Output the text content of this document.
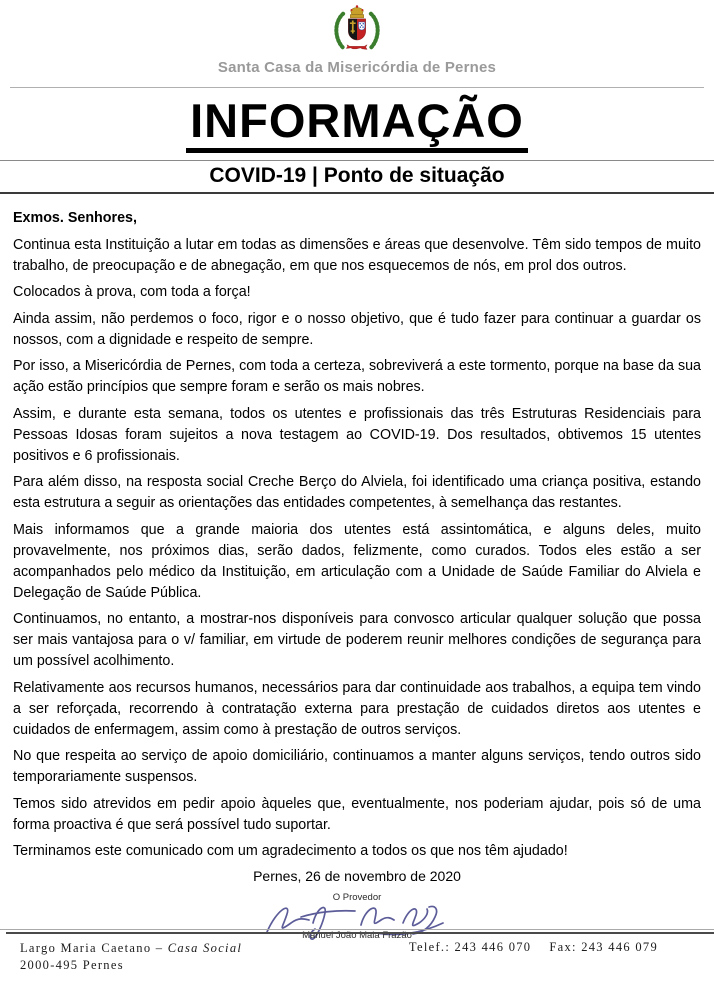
Santa Casa da Misericórdia de Pernes
INFORMAÇÃO
COVID-19 | Ponto de situação

Exmos. Senhores,

Continua esta Instituição a lutar em todas as dimensões e áreas que desenvolve. Têm sido tempos de muito trabalho, de preocupação e de abnegação, em que nos esquecemos de nós, em prol dos outros.

Colocados à prova, com toda a força!

Ainda assim, não perdemos o foco, rigor e o nosso objetivo, que é tudo fazer para continuar a guardar os nossos, com a dignidade e respeito de sempre.

Por isso, a Misericórdia de Pernes, com toda a certeza, sobreviverá a este tormento, porque na base da sua ação estão princípios que sempre foram e serão os mais nobres.

Assim, e durante esta semana, todos os utentes e profissionais das três Estruturas Residenciais para Pessoas Idosas foram sujeitos a nova testagem ao COVID-19. Dos resultados, obtivemos 15 utentes positivos e 6 profissionais.

Para além disso, na resposta social Creche Berço do Alviela, foi identificado uma criança positiva, estando esta estrutura a seguir as orientações das entidades competentes, à semelhança das restantes.

Mais informamos que a grande maioria dos utentes está assintomática, e alguns deles, muito provavelmente, nos próximos dias, serão dados, felizmente, como curados. Todos eles estão a ser acompanhados pelo médico da Instituição, em articulação com a Unidade de Saúde Familiar do Alviela e Delegação de Saúde Pública.

Continuamos, no entanto, a mostrar-nos disponíveis para convosco articular qualquer solução que possa ser mais vantajosa para o v/ familiar, em virtude de poderem reunir melhores condições de segurança para um possível acolhimento.

Relativamente aos recursos humanos, necessários para dar continuidade aos trabalhos, a equipa tem vindo a ser reforçada, recorrendo à contratação externa para prestação de cuidados diretos aos utentes e cuidados de enfermagem, assim como à prestação de outros serviços.

No que respeita ao serviço de apoio domiciliário, continuamos a manter alguns serviços, tendo outros sido temporariamente suspensos.

Temos sido atrevidos em pedir apoio àqueles que, eventualmente, nos poderiam ajudar, pois só de uma forma proactiva é que será possível tudo suportar.

Terminamos este comunicado com um agradecimento a todos os que nos têm ajudado!

Pernes, 26 de novembro de 2020
O Provedor
Manuel João Maia Frazão
Largo Maria Caetano – Casa Social
2000-495 Pernes
Telef.: 243 446 070 Fax: 243 446 079
